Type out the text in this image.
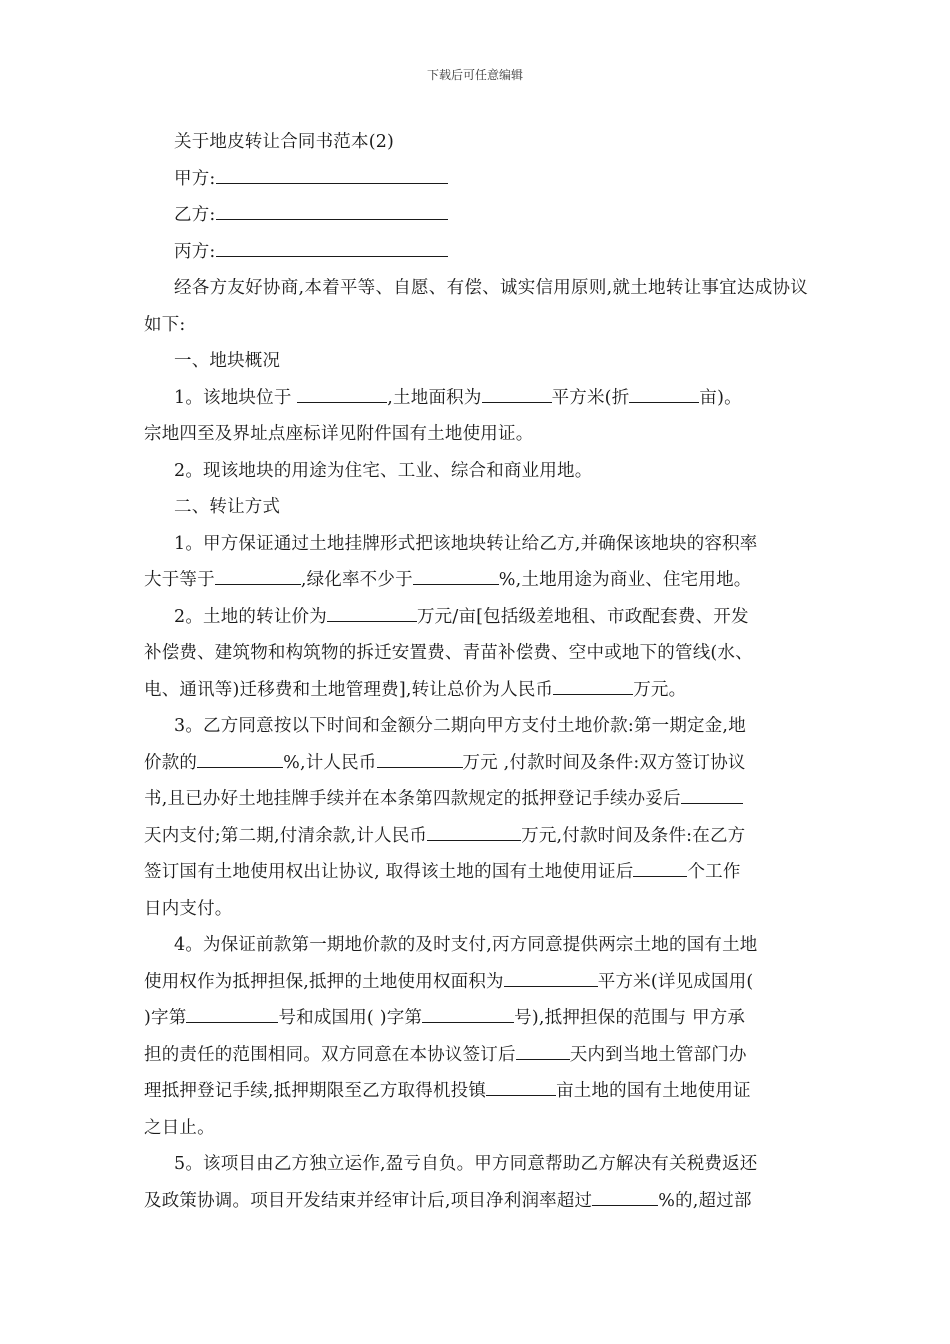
下载后可任意编辑
关于地皮转让合同书范本(2)
甲方:
乙方:
丙方:
经各方友好协商,本着平等、自愿、有偿、诚实信用原则,就土地转让事宜达成协议如下:
一、地块概况
1。该地块位于	,土地面积为	平方米(折	亩)。
宗地四至及界址点座标详见附件国有土地使用证。
2。现该地块的用途为住宅、工业、综合和商业用地。
二、转让方式
1。甲方保证通过土地挂牌形式把该地块转让给乙方,并确保该地块的容积率
大于等于	,绿化率不少于	%,土地用途为商业、住宅用地。
2。土地的转让价为	万元/亩[包括级差地租、市政配套费、开发
补偿费、建筑物和构筑物的拆迁安置费、青苗补偿费、空中或地下的管线(水、
电、通讯等)迁移费和土地管理费],转让总价为人民币	万元。
3。乙方同意按以下时间和金额分二期向甲方支付土地价款:第一期定金,地
价款的	%,计人民币	万元 ,付款时间及条件:双方签订协议
书,且已办好土地挂牌手续并在本条第四款规定的抵押登记手续办妥后
天内支付;第二期,付清余款,计人民币	万元,付款时间及条件:在乙方
签订国有土地使用权出让协议, 取得该土地的国有土地使用证后	个工作
日内支付。
4。为保证前款第一期地价款的及时支付,丙方同意提供两宗土地的国有土地
使用权作为抵押担保,抵押的土地使用权面积为	平方米(详见成国用(
)字第	号和成国用( )字第	号),抵押担保的范围与 甲方承
担的责任的范围相同。双方同意在本协议签订后	天内到当地土管部门办
理抵押登记手续,抵押期限至乙方取得机投镇	亩土地的国有土地使用证
之日止。
5。该项目由乙方独立运作,盈亏自负。甲方同意帮助乙方解决有关税费返还
及政策协调。项目开发结束并经审计后,项目净利润率超过	%的,超过部
